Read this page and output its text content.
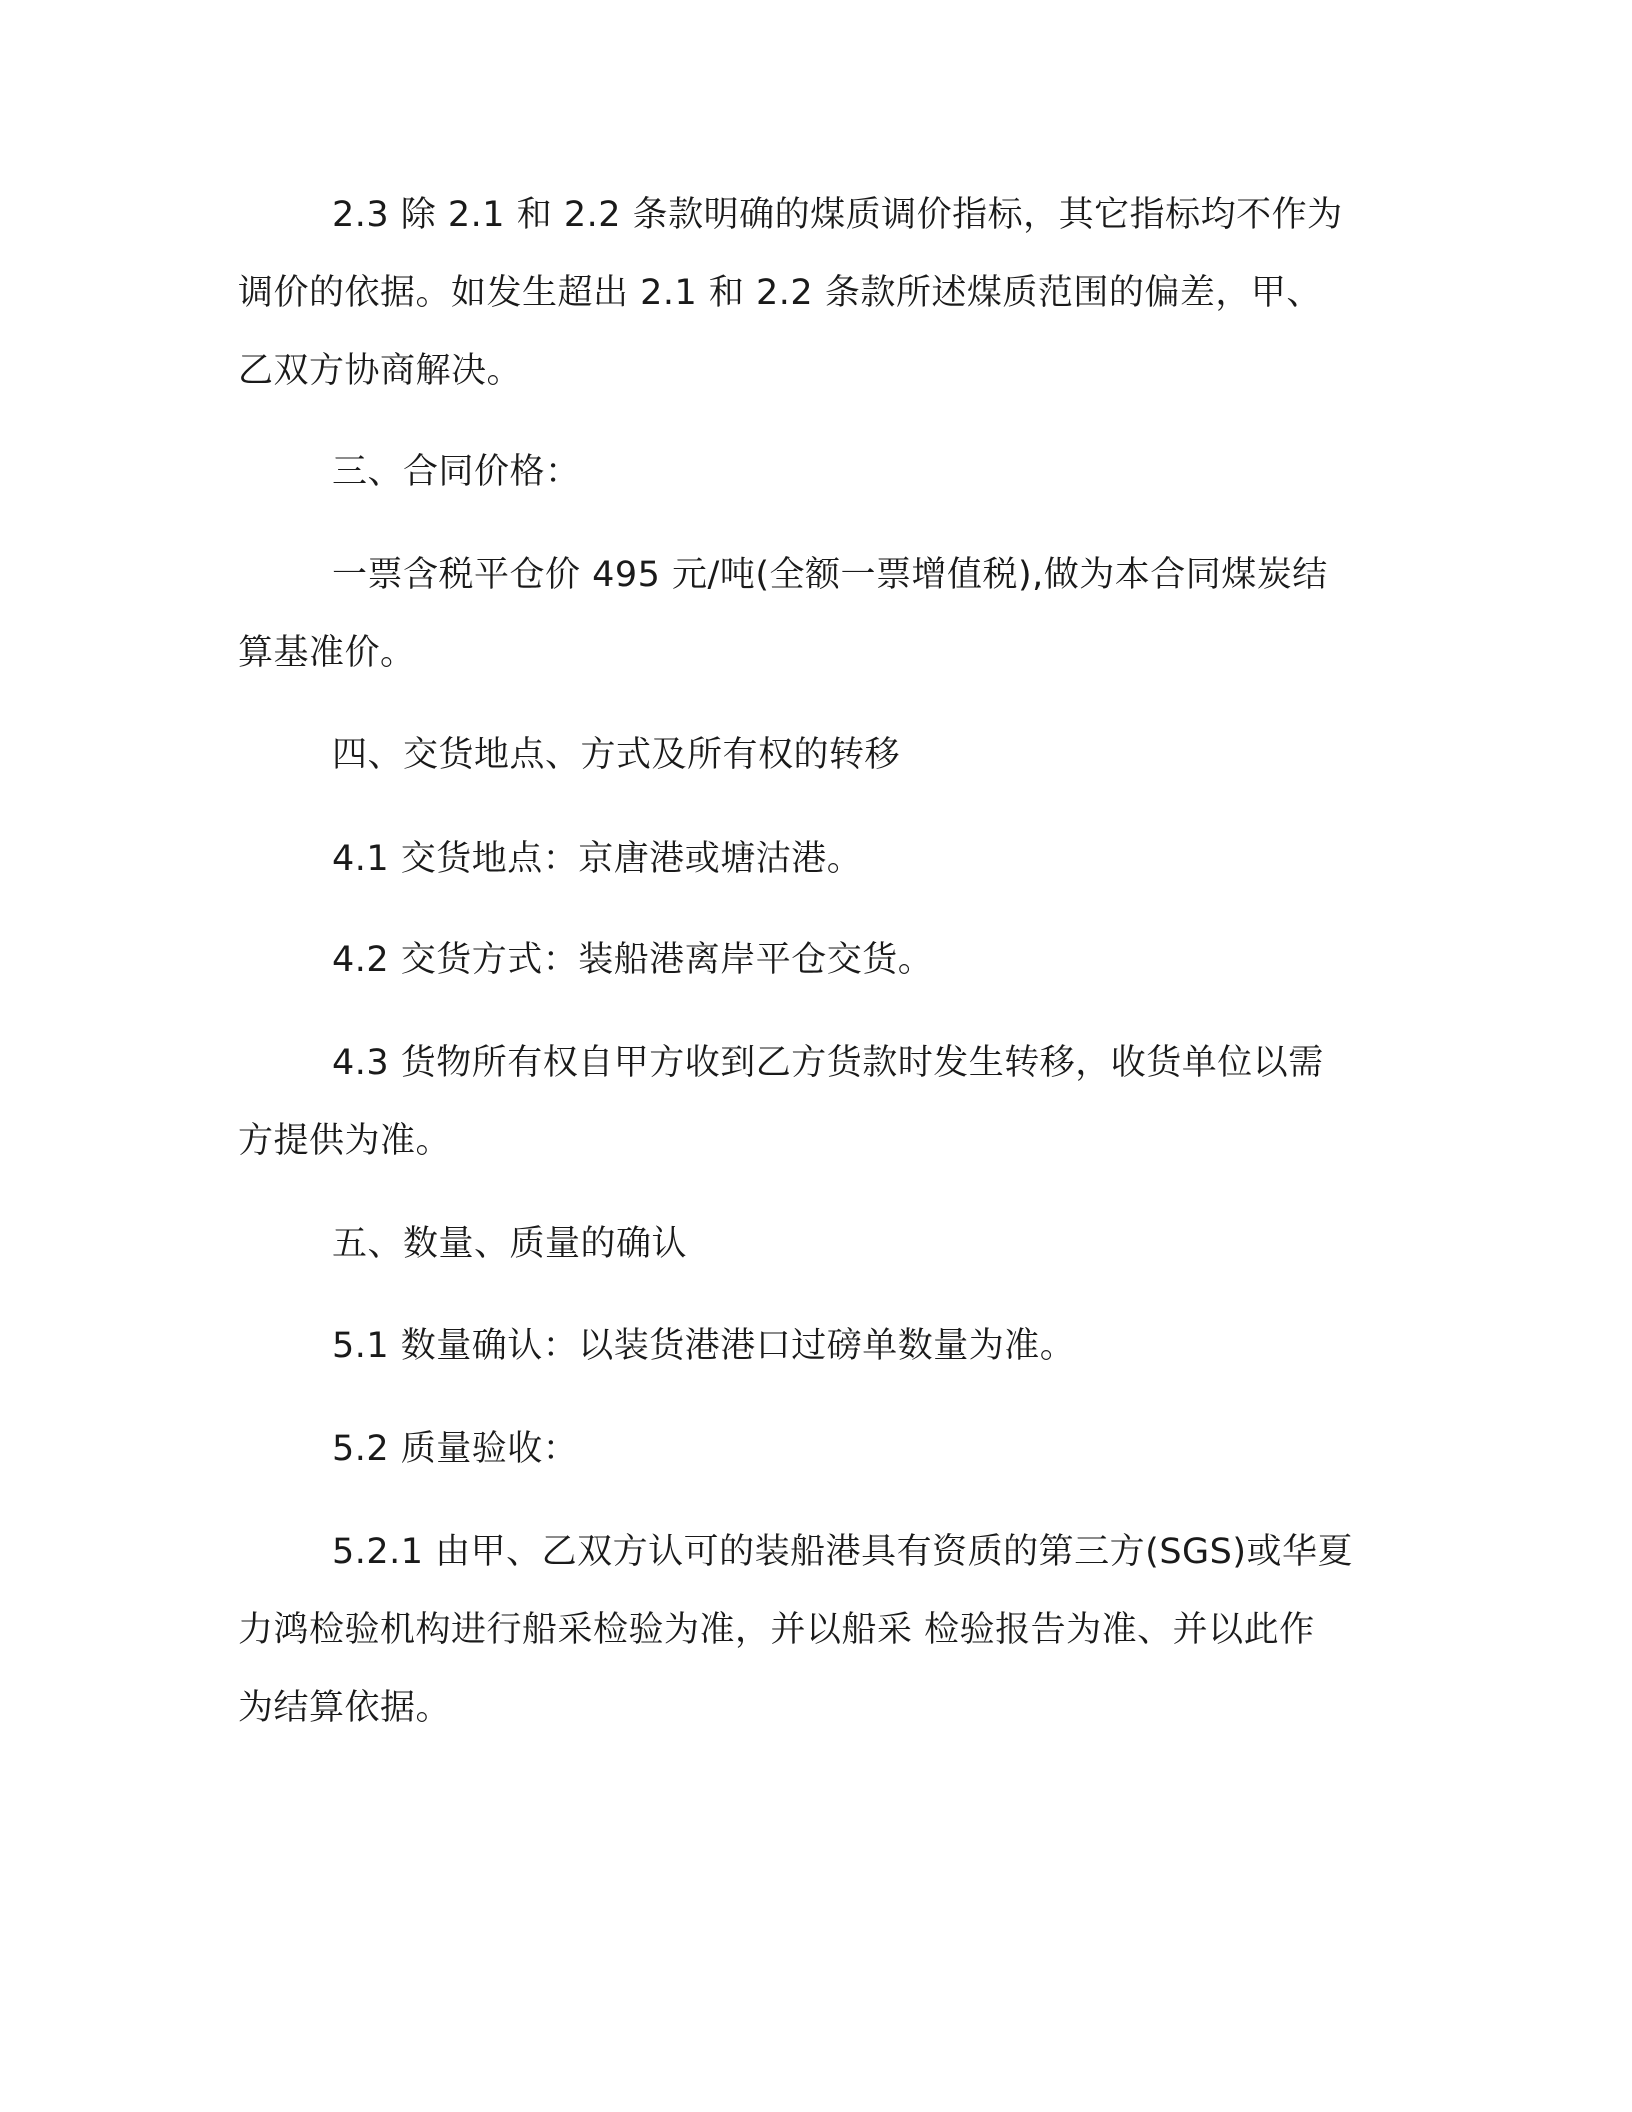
2.3 除 2.1 和 2.2 条款明确的煤质调价指标，其它指标均不作为
调价的依据。如发生超出 2.1 和 2.2 条款所述煤质范围的偏差，甲、
乙双方协商解决。
三、合同价格：
一票含税平仓价 495 元/吨(全额一票增值税),做为本合同煤炭结
算基准价。
四、交货地点、方式及所有权的转移
4.1 交货地点：京唐港或塘沽港。
4.2 交货方式：装船港离岸平仓交货。
4.3 货物所有权自甲方收到乙方货款时发生转移，收货单位以需
方提供为准。
五、数量、质量的确认
5.1 数量确认：以装货港港口过磅单数量为准。
5.2 质量验收：
5.2.1 由甲、乙双方认可的装船港具有资质的第三方(SGS)或华夏
力鸿检验机构进行船采检验为准，并以船采 检验报告为准、并以此作
为结算依据。
